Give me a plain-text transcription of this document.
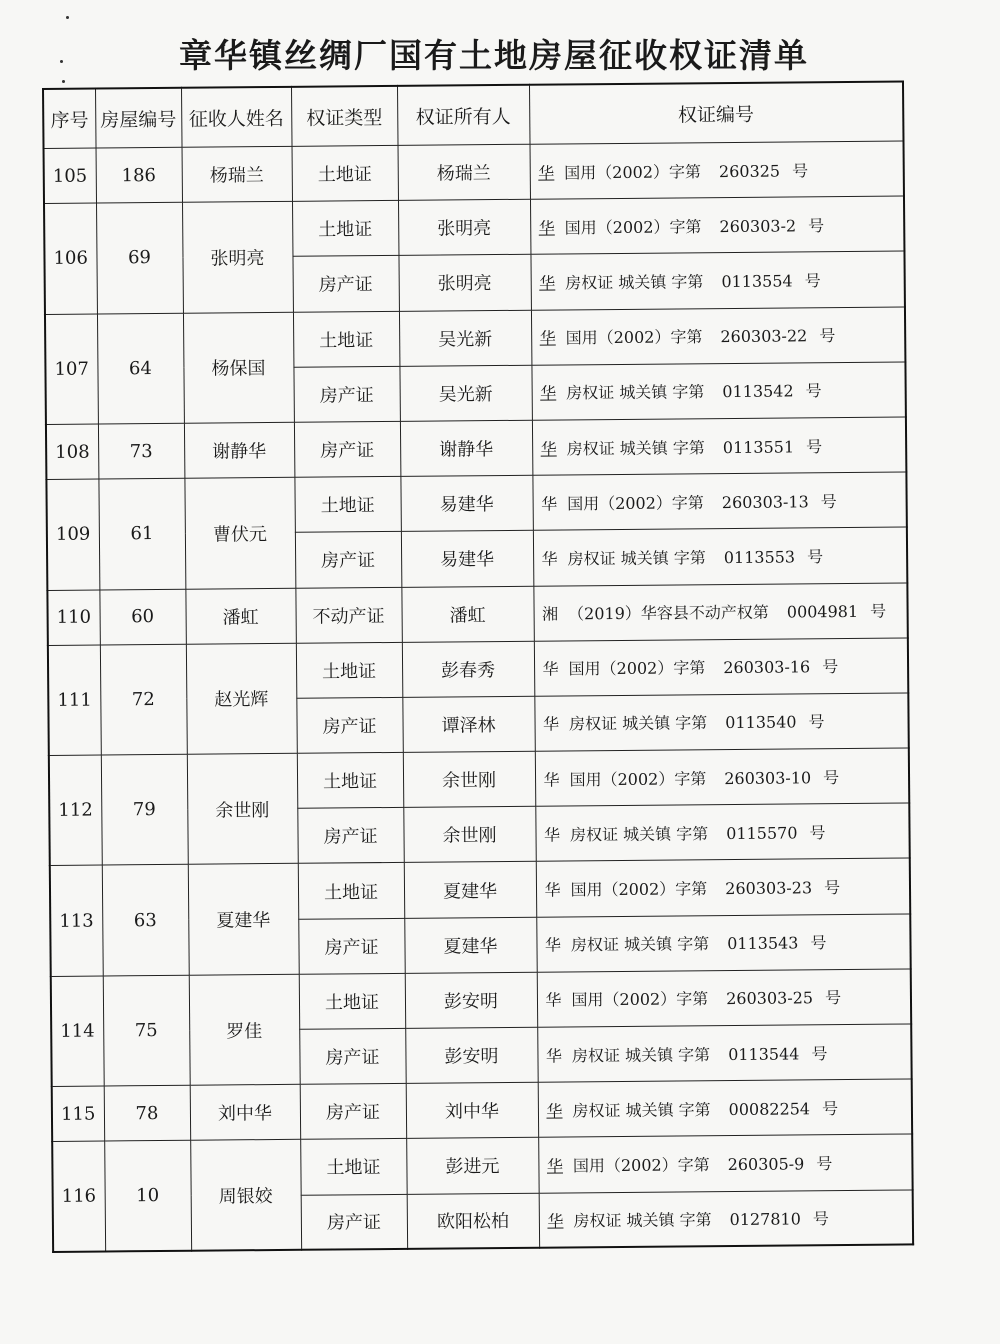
章华镇丝绸厂国有土地房屋征收权证清单
序号	房屋编号	征收人姓名	权证类型	权证所有人	权证编号
105	186	杨瑞兰	土地证	杨瑞兰	华 国用（2002）字第 260325 号
106	69	张明亮	土地证	张明亮	华 国用（2002）字第 260303-2 号
			房产证	张明亮	华 房权证 城关镇 字第 0113554 号
107	64	杨保国	土地证	吴光新	华 国用（2002）字第 260303-22 号
			房产证	吴光新	华 房权证 城关镇 字第 0113542 号
108	73	谢静华	房产证	谢静华	华 房权证 城关镇 字第 0113551 号
109	61	曹伏元	土地证	易建华	华 国用（2002）字第 260303-13 号
			房产证	易建华	华 房权证 城关镇 字第 0113553 号
110	60	潘虹	不动产证	潘虹	湘 （2019）华容县不动产权第 0004981 号
111	72	赵光辉	土地证	彭春秀	华 国用（2002）字第 260303-16 号
			房产证	谭泽林	华 房权证 城关镇 字第 0113540 号
112	79	余世刚	土地证	余世刚	华 国用（2002）字第 260303-10 号
			房产证	余世刚	华 房权证 城关镇 字第 0115570 号
113	63	夏建华	土地证	夏建华	华 国用（2002）字第 260303-23 号
			房产证	夏建华	华 房权证 城关镇 字第 0113543 号
114	75	罗佳	土地证	彭安明	华 国用（2002）字第 260303-25 号
			房产证	彭安明	华 房权证 城关镇 字第 0113544 号
115	78	刘中华	房产证	刘中华	华 房权证 城关镇 字第 00082254 号
116	10	周银姣	土地证	彭进元	华 国用（2002）字第 260305-9 号
			房产证	欧阳松柏	华 房权证 城关镇 字第 0127810 号
